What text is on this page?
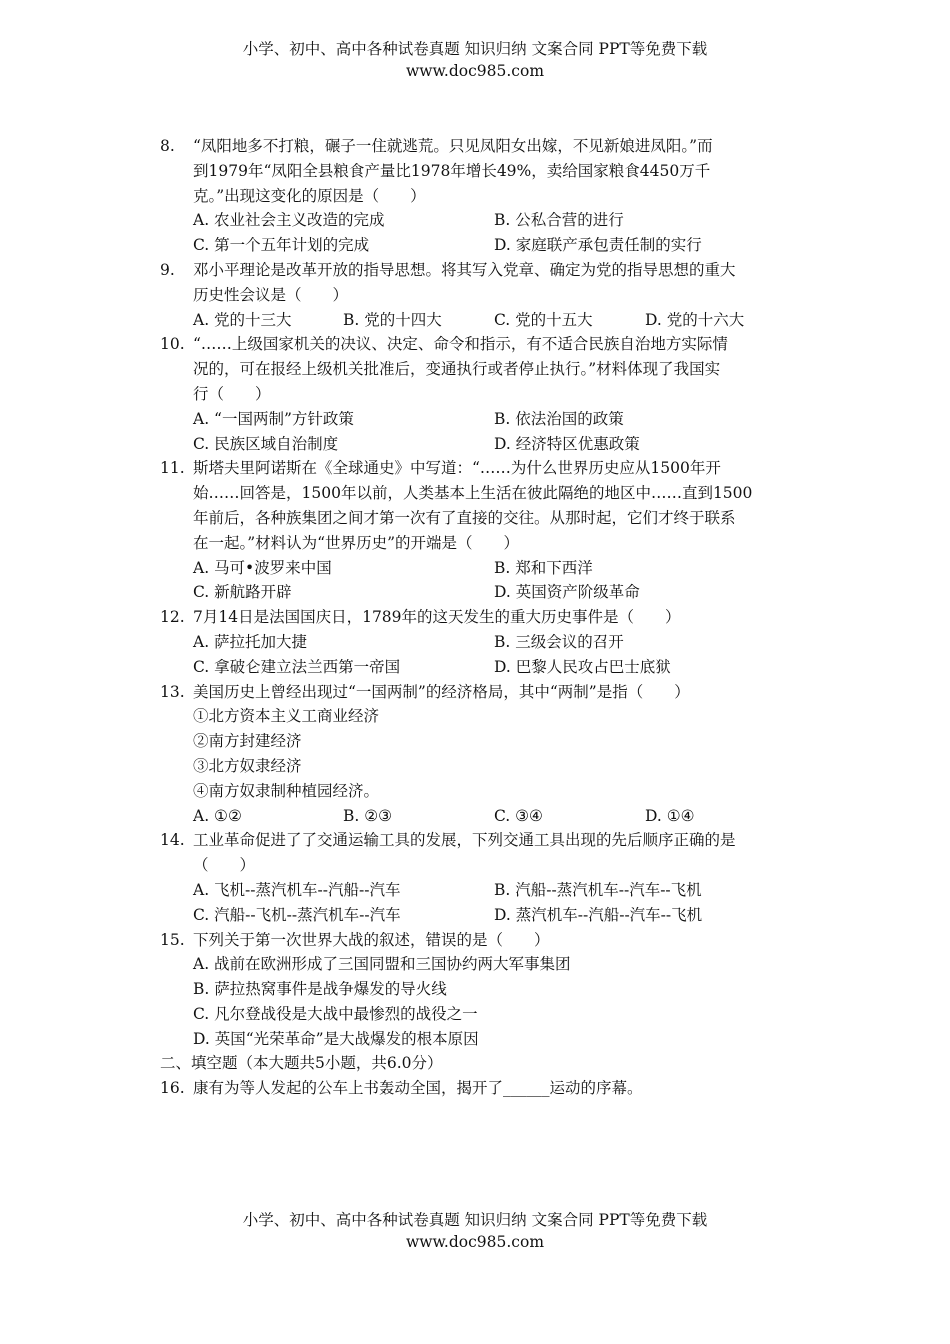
小学、初中、高中各种试卷真题 知识归纳 文案合同 PPT等免费下载
www.doc985.com
8. “凤阳地多不打粮，碾子一住就逃荒。只见凤阳女出嫁，不见新娘进凤阳。”而
到1979年“凤阳全县粮食产量比1978年增长49%，卖给国家粮食4450万千
克。”出现这变化的原因是（　　）
A. 农业社会主义改造的完成	B. 公私合营的进行
C. 第一个五年计划的完成	D. 家庭联产承包责任制的实行
9. 邓小平理论是改革开放的指导思想。将其写入党章、确定为党的指导思想的重大
历史性会议是（　　）
A. 党的十三大	B. 党的十四大	C. 党的十五大	D. 党的十六大
10. “……上级国家机关的决议、决定、命令和指示，有不适合民族自治地方实际情
况的，可在报经上级机关批准后，变通执行或者停止执行。”材料体现了我国实
行（　　）
A. “一国两制”方针政策	B. 依法治国的政策
C. 民族区域自治制度	D. 经济特区优惠政策
11. 斯塔夫里阿诺斯在《全球通史》中写道：“……为什么世界历史应从1500年开
始……回答是，1500年以前，人类基本上生活在彼此隔绝的地区中……直到1500
年前后，各种族集团之间才第一次有了直接的交往。从那时起，它们才终于联系
在一起。”材料认为“世界历史”的开端是（　　）
A. 马可•波罗来中国	B. 郑和下西洋
C. 新航路开辟	D. 英国资产阶级革命
12. 7月14日是法国国庆日，1789年的这天发生的重大历史事件是（　　）
A. 萨拉托加大捷	B. 三级会议的召开
C. 拿破仑建立法兰西第一帝国	D. 巴黎人民攻占巴士底狱
13. 美国历史上曾经出现过“一国两制”的经济格局，其中“两制”是指（　　）
①北方资本主义工商业经济
②南方封建经济
③北方奴隶经济
④南方奴隶制种植园经济。
A. ①②	B. ②③	C. ③④	D. ①④
14. 工业革命促进了了交通运输工具的发展，下列交通工具出现的先后顺序正确的是
（　　）
A. 飞机--蒸汽机车--汽船--汽车	B. 汽船--蒸汽机车--汽车--飞机
C. 汽船--飞机--蒸汽机车--汽车	D. 蒸汽机车--汽船--汽车--飞机
15. 下列关于第一次世界大战的叙述，错误的是（　　）
A. 战前在欧洲形成了三国同盟和三国协约两大军事集团
B. 萨拉热窝事件是战争爆发的导火线
C. 凡尔登战役是大战中最惨烈的战役之一
D. 英国“光荣革命”是大战爆发的根本原因
二、填空题（本大题共5小题，共6.0分）
16. 康有为等人发起的公车上书轰动全国，揭开了______运动的序幕。
小学、初中、高中各种试卷真题 知识归纳 文案合同 PPT等免费下载
www.doc985.com
